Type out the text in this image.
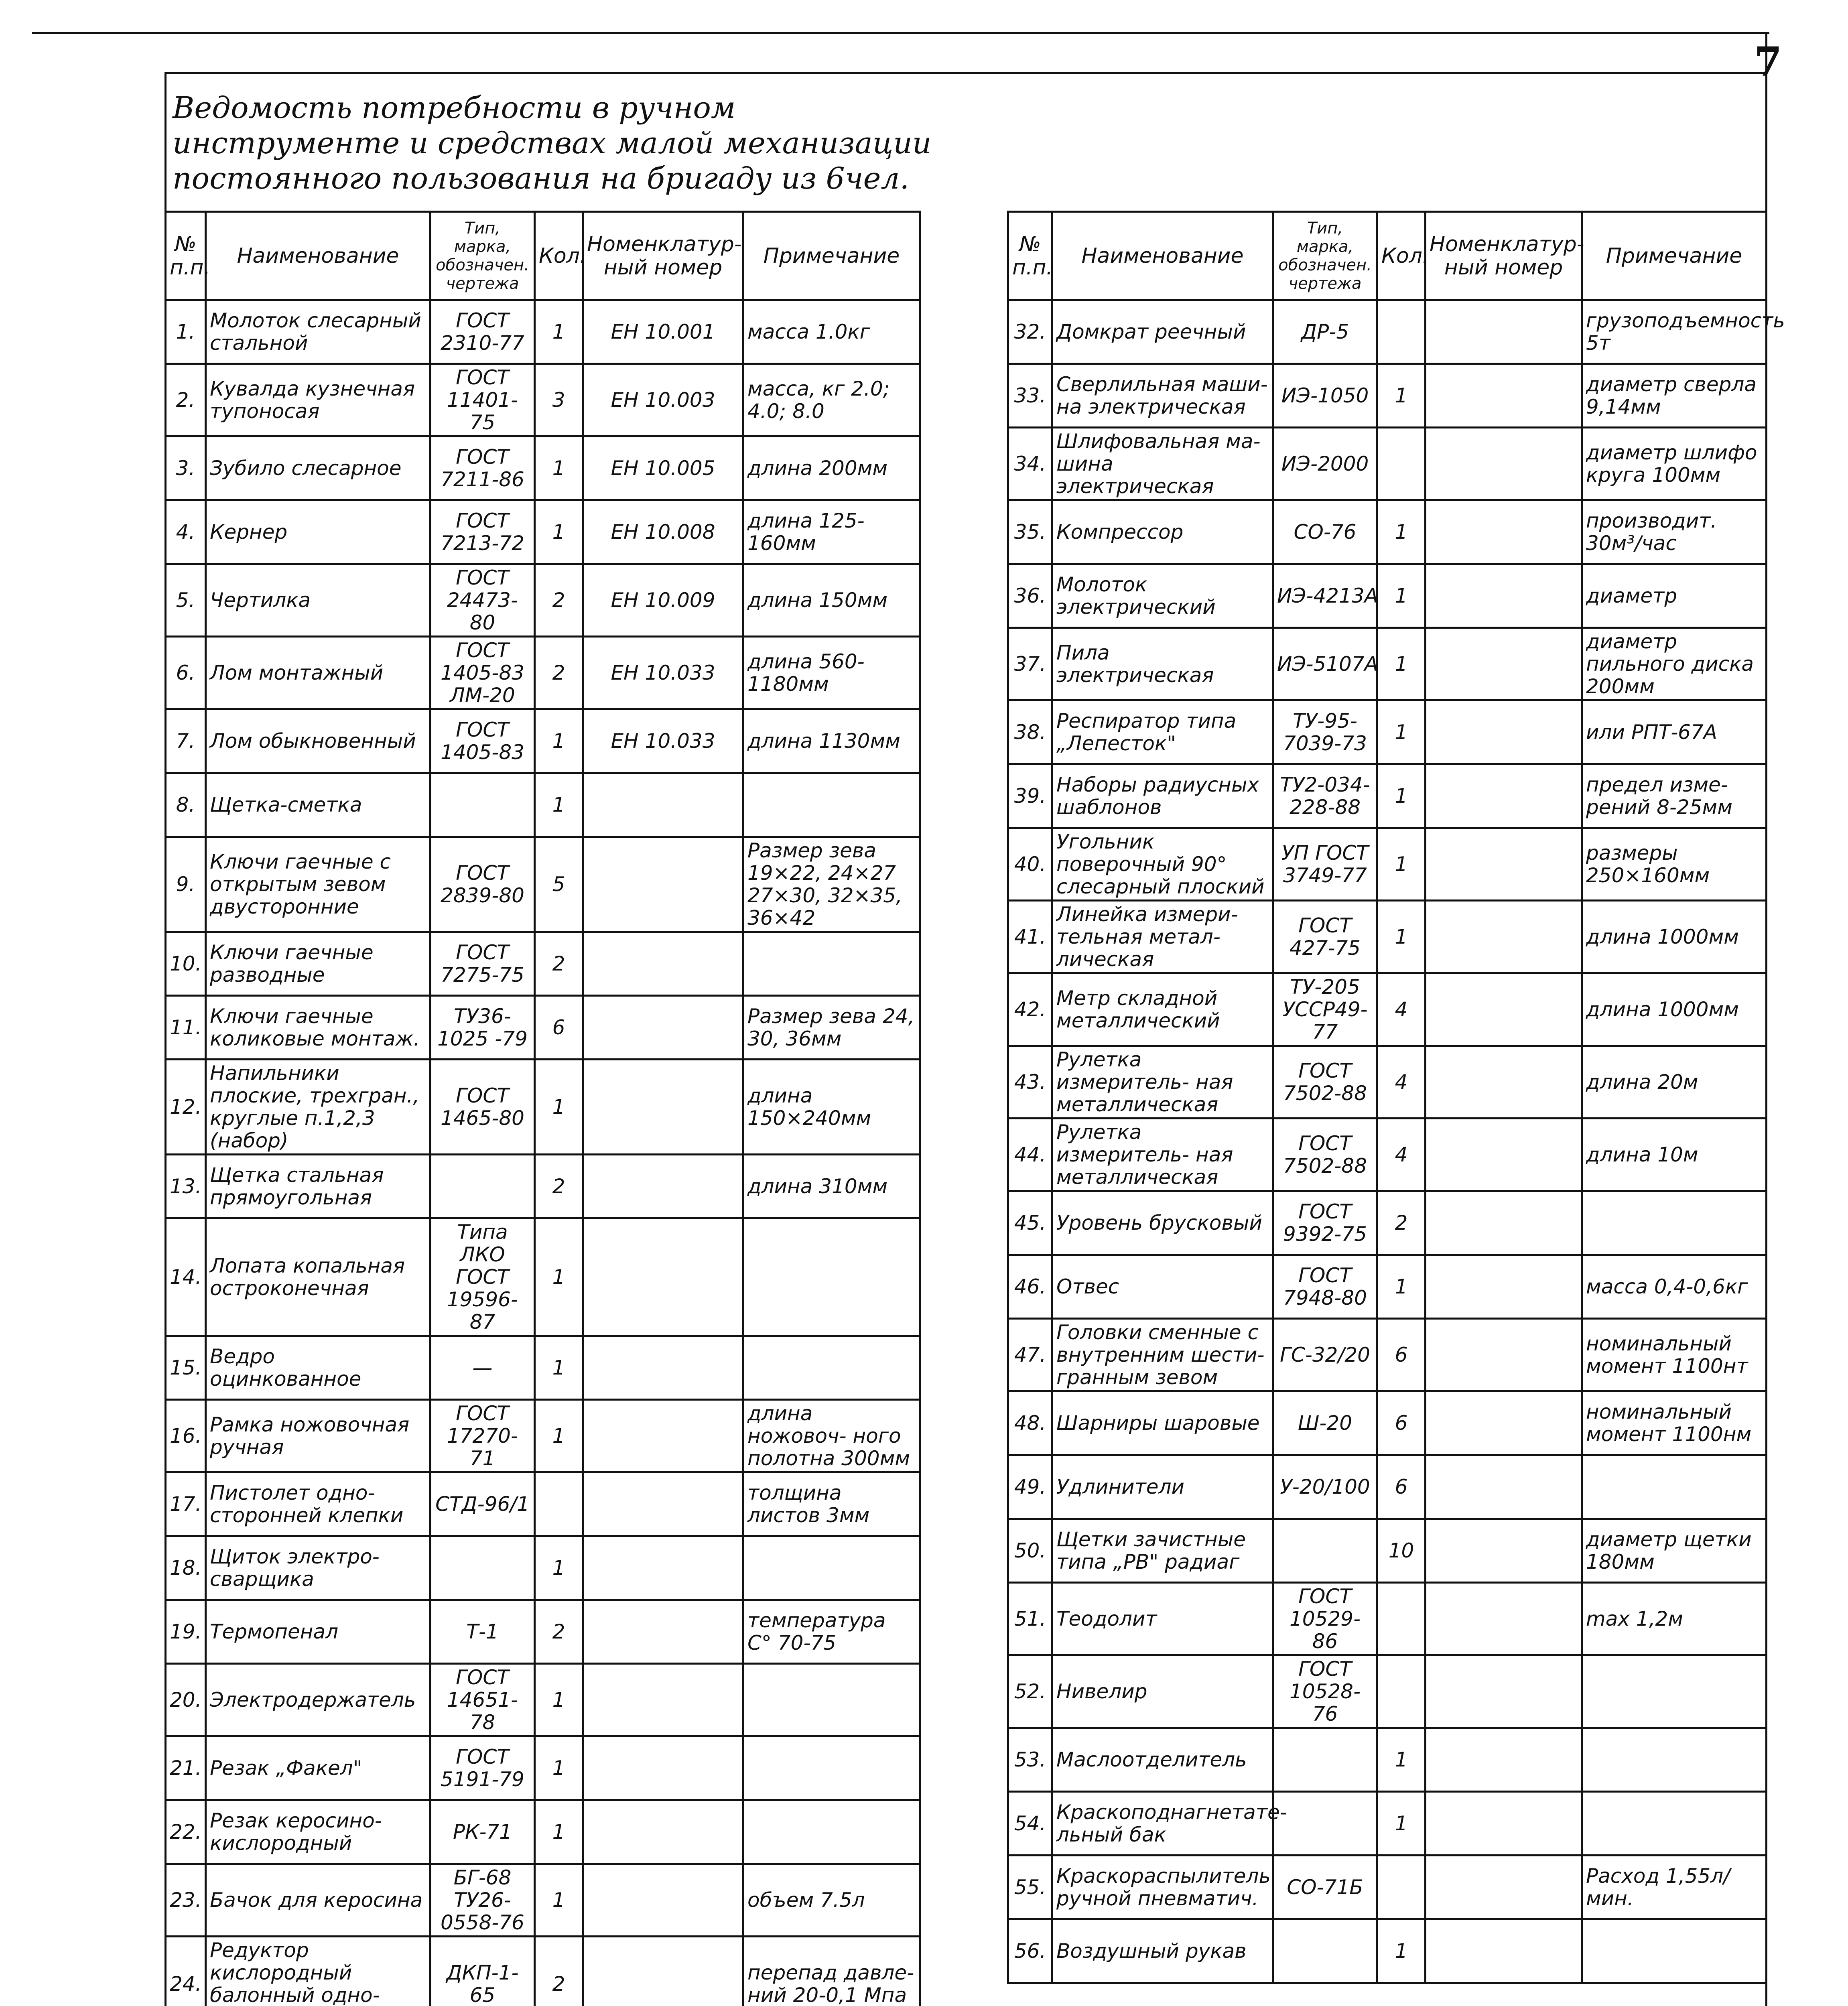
7
Ведомость потребности в ручном
инструменте и средствах малой механизации
постоянного пользования на бригаду из 6чел.
№ п.п.	Наименование	Тип, марка, обозначен. чертежа	Кол.	Номенклатур- ный номер	Примечание
1.	Молоток слесарный стальной	ГОСТ 2310-77	1	ЕН 10.001	масса 1.0кг
2.	Кувалда кузнечная тупоносая	ГОСТ 11401-75	3	ЕН 10.003	масса, кг 2.0; 4.0; 8.0
3.	Зубило слесарное	ГОСТ 7211-86	1	ЕН 10.005	длина 200мм
4.	Кернер	ГОСТ 7213-72	1	ЕН 10.008	длина 125-160мм
5.	Чертилка	ГОСТ 24473-80	2	ЕН 10.009	длина 150мм
6.	Лом монтажный	ГОСТ 1405-83 ЛМ-20	2	ЕН 10.033	длина 560-1180мм
7.	Лом обыкновенный	ГОСТ 1405-83	1	ЕН 10.033	длина 1130мм
8.	Щетка-сметка		1		
9.	Ключи гаечные с открытым зевом двусторонние	ГОСТ 2839-80	5		Размер зева 19×22, 24×27 27×30, 32×35, 36×42
10.	Ключи гаечные разводные	ГОСТ 7275-75	2		
11.	Ключи гаечные коликовые монтаж.	ТУ36-1025 -79	6		Размер зева 24, 30, 36мм
12.	Напильники плоские, трехгран., круглые п.1,2,3 (набор)	ГОСТ 1465-80	1		длина 150×240мм
13.	Щетка стальная прямоугольная		2		длина 310мм
14.	Лопата копальная остроконечная	Типа ЛКО ГОСТ 19596-87	1		
15.	Ведро оцинкованное	—	1		
16.	Рамка ножовочная ручная	ГОСТ 17270-71	1		длина ножовоч- ного полотна 300мм
17.	Пистолет одно- сторонней клепки	СТД-96/1			толщина листов 3мм
18.	Щиток электро- сварщика		1		
19.	Термопенал	Т-1	2		температура С° 70-75
20.	Электродержатель	ГОСТ 14651-78	1		
21.	Резак „Факел"	ГОСТ 5191-79	1		
22.	Резак керосино- кислородный	РК-71	1		
23.	Бачок для керосина	БГ-68 ТУ26-0558-76	1		объем 7.5л
24.	Редуктор кислородный балонный одно-	ДКП-1-65	2		перепад давле- ний 20-0,1 Мпа

№ п.п.	Наименование	Тип, марка, обозначен. чертежа	Кол.	Номенклатур- ный номер	Примечание
32.	Домкрат реечный	ДР-5			грузоподъемность 5т
33.	Сверлильная маши- на электрическая	ИЭ-1050	1		диаметр сверла 9,14мм
34.	Шлифовальная ма- шина электрическая	ИЭ-2000			диаметр шлифо круга 100мм
35.	Компрессор	СО-76	1		производит. 30м³/час
36.	Молоток электрический	ИЭ-4213А	1		диаметр
37.	Пила электрическая	ИЭ-5107А	1		диаметр пильного диска 200мм
38.	Респиратор типа „Лепесток"	ТУ-95- 7039-73	1		или РПТ-67А
39.	Наборы радиусных шаблонов	ТУ2-034- 228-88	1		предел изме- рений 8-25мм
40.	Угольник поверочный 90° слесарный плоский	УП ГОСТ 3749-77	1		размеры 250×160мм
41.	Линейка измери- тельная метал- лическая	ГОСТ 427-75	1		длина 1000мм
42.	Метр складной металлический	ТУ-205 УССР49-77	4		длина 1000мм
43.	Рулетка измеритель- ная металлическая	ГОСТ 7502-88	4		длина 20м
44.	Рулетка измеритель- ная металлическая	ГОСТ 7502-88	4		длина 10м
45.	Уровень брусковый	ГОСТ 9392-75	2		
46.	Отвес	ГОСТ 7948-80	1		масса 0,4-0,6кг
47.	Головки сменные с внутренним шести- гранным зевом	ГС-32/20	6		номинальный момент 1100нт
48.	Шарниры шаровые	Ш-20	6		номинальный момент 1100нм
49.	Удлинители	У-20/100	6		
50.	Щетки зачистные типа „РВ" радиаг		10		диаметр щетки 180мм
51.	Теодолит	ГОСТ 10529-86			max 1,2м
52.	Нивелир	ГОСТ 10528-76			
53.	Маслоотделитель		1		
54.	Краскоподнагнетате- льный бак		1		
55.	Краскораспылитель ручной пневматич.	СО-71Б			Расход 1,55л/мин.
56.	Воздушный рукав		1		
